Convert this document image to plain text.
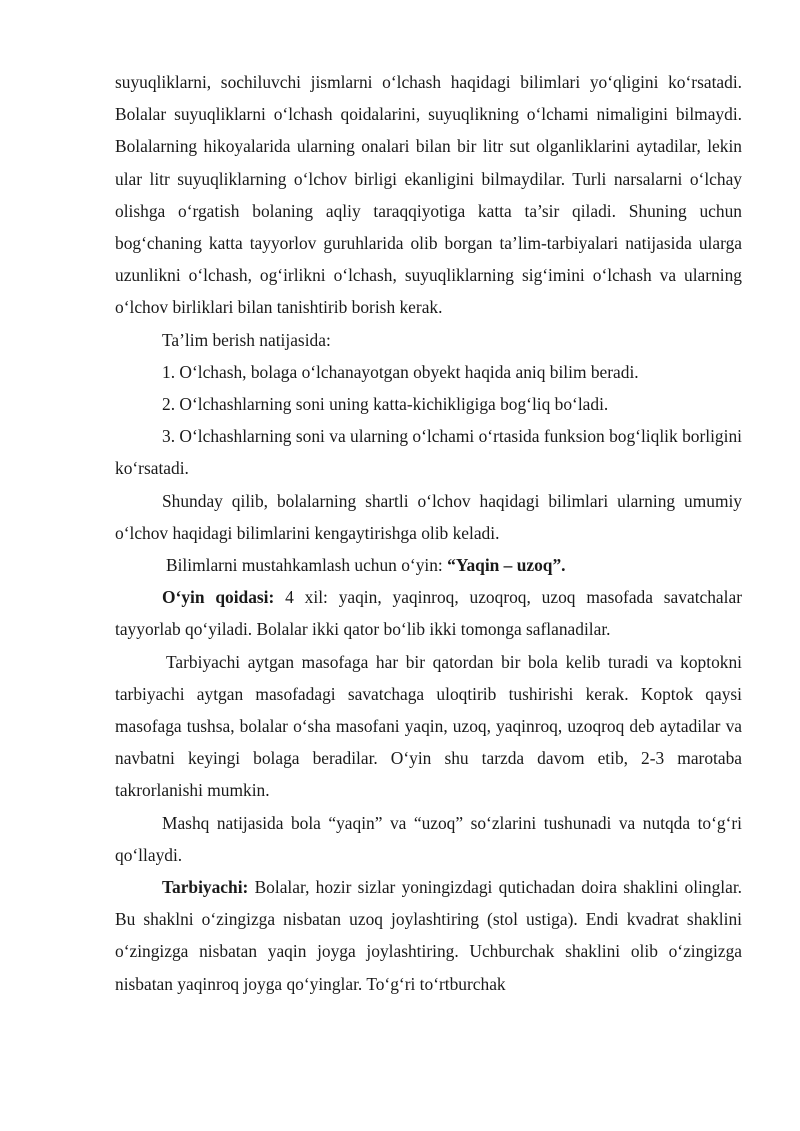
suyuqliklarni, sochiluvchi jismlarni o‘lchash haqidagi bilimlari yo‘qligini ko‘rsatadi. Bolalar suyuqliklarni o‘lchash qoidalarini, suyuqlikning o‘lchami nimaligini bilmaydi. Bolalarning hikoyalarida ularning onalari bilan bir litr sut olganliklarini aytadilar, lekin ular litr suyuqliklarning o‘lchov birligi ekanligini bilmaydilar. Turli narsalarni o‘lchay olishga o‘rgatish bolaning aqliy taraqqiyotiga katta ta’sir qiladi. Shuning uchun bog‘chaning katta tayyorlov guruhlarida olib borgan ta’lim-tarbiyalari natijasida ularga uzunlikni o‘lchash, og‘irlikni o‘lchash, suyuqliklarning sig‘imini o‘lchash va ularning o‘lchov birliklari bilan tanishtirib borish kerak.

Ta’lim berish natijasida:

1. O‘lchash, bolaga o‘lchanayotgan obyekt haqida aniq bilim beradi.

2. O‘lchashlarning soni uning katta-kichikligiga bog‘liq bo‘ladi.

3. O‘lchashlarning soni va ularning o‘lchami o‘rtasida funksion bog‘liqlik borligini ko‘rsatadi.

Shunday qilib, bolalarning shartli o‘lchov haqidagi bilimlari ularning umumiy o‘lchov haqidagi bilimlarini kengaytirishga olib keladi.

Bilimlarni mustahkamlash uchun o‘yin: “Yaqin – uzoq”.

O‘yin qoidasi: 4 xil: yaqin, yaqinroq, uzoqroq, uzoq masofada savatchalar tayyorlab qo‘yiladi. Bolalar ikki qator bo‘lib ikki tomonga saflanadilar.

Tarbiyachi aytgan masofaga har bir qatordan bir bola kelib turadi va koptokni tarbiyachi aytgan masofadagi savatchaga uloqtirib tushirishi kerak. Koptok qaysi masofaga tushsa, bolalar o‘sha masofani yaqin, uzoq, yaqinroq, uzoqroq deb aytadilar va navbatni keyingi bolaga beradilar. O‘yin shu tarzda davom etib, 2-3 marotaba takrorlanishi mumkin.

Mashq natijasida bola “yaqin” va “uzoq” so‘zlarini tushunadi va nutqda to‘g‘ri qo‘llaydi.

Tarbiyachi: Bolalar, hozir sizlar yoningizdagi qutichadan doira shaklini olinglar. Bu shaklni o‘zingizga nisbatan uzoq joylashtiring (stol ustiga). Endi kvadrat shaklini o‘zingizga nisbatan yaqin joyga joylashtiring. Uchburchak shaklini olib o‘zingizga nisbatan yaqinroq joyga qo‘yinglar. To‘g‘ri to‘rtburchak
